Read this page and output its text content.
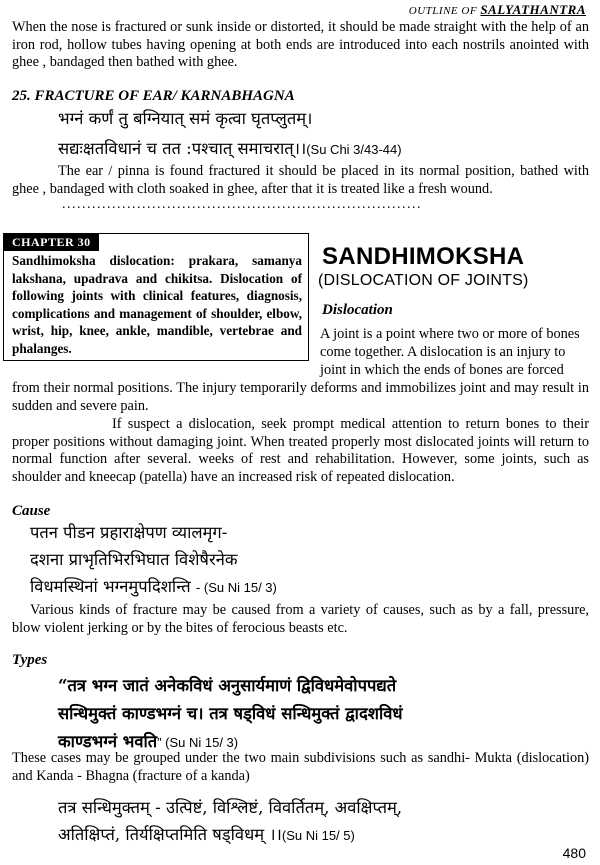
OUTLINE OF SALYATHANTRA
When the nose is fractured or sunk inside or distorted, it should be made straight with the help of an iron rod, hollow tubes having opening at both ends are introduced into each nostrils anointed with ghee , bandaged then bathed with ghee.
25. FRACTURE OF EAR/ KARNABHAGNA
भग्नं कर्णं तु बग्नियात् समं कृत्वा घृतप्लुतम्।
सद्यःक्षतविधानं च तत :पश्चात् समाचरात्।।(Su Chi 3/43-44)
The ear / pinna is found fractured it should be placed in its normal position, bathed with ghee , bandaged with cloth soaked in ghee, after that it is treated like a fresh wound.
........................................................................
CHAPTER 30
Sandhimoksha dislocation: prakara, samanya lakshana, upadrava and chikitsa. Dislocation of following joints with clinical features, diagnosis, complications and management of shoulder, elbow, wrist, hip, knee, ankle, mandible, vertebrae and phalanges.
SANDHIMOKSHA
(DISLOCATION OF JOINTS)
Dislocation
A joint is a point where two or more of bones
come together. A dislocation is an injury to
joint in which the ends of bones are forced
from their normal positions. The injury temporarily deforms and immobilizes joint and may result in sudden and severe pain.
If suspect a dislocation, seek prompt medical attention to return bones to their proper positions without damaging joint. When treated properly most dislocated joints will return to normal function after several. weeks of rest and rehabilitation. However, some joints, such as shoulder and kneecap (patella) have an increased risk of repeated dislocation.
Cause
पतन पीडन प्रहाराक्षेपण व्यालमृग-
दशना प्राभृतिभिरभिघात विशेषैरनेक
विधमस्थिनां भग्नमुपदिशन्ति - (Su Ni 15/ 3)
Various kinds of fracture may be caused from a variety of causes, such as by a fall, pressure, blow violent jerking or by the bites of ferocious beasts etc.
Types
“तत्र भग्न जातं अनेकविधं अनुसार्यमाणं द्विविधमेवोपपद्यते
सन्धिमुक्तं काण्डभग्नं च। तत्र षड्विधं सन्धिमुक्तं द्वादशविधं
काण्डभग्नं भवति” (Su Ni 15/ 3)
These cases may be grouped under the two main subdivisions such as sandhi- Mukta (dislocation) and Kanda - Bhagna (fracture of a kanda)
तत्र सन्धिमुक्तम् - उत्पिष्टं, विश्लिष्टं, विवर्तितम्, अवक्षिप्तम्,
अतिक्षिप्तं, तिर्यक्षिप्तमिति षड्विधम् ।।(Su Ni 15/ 5)
480
